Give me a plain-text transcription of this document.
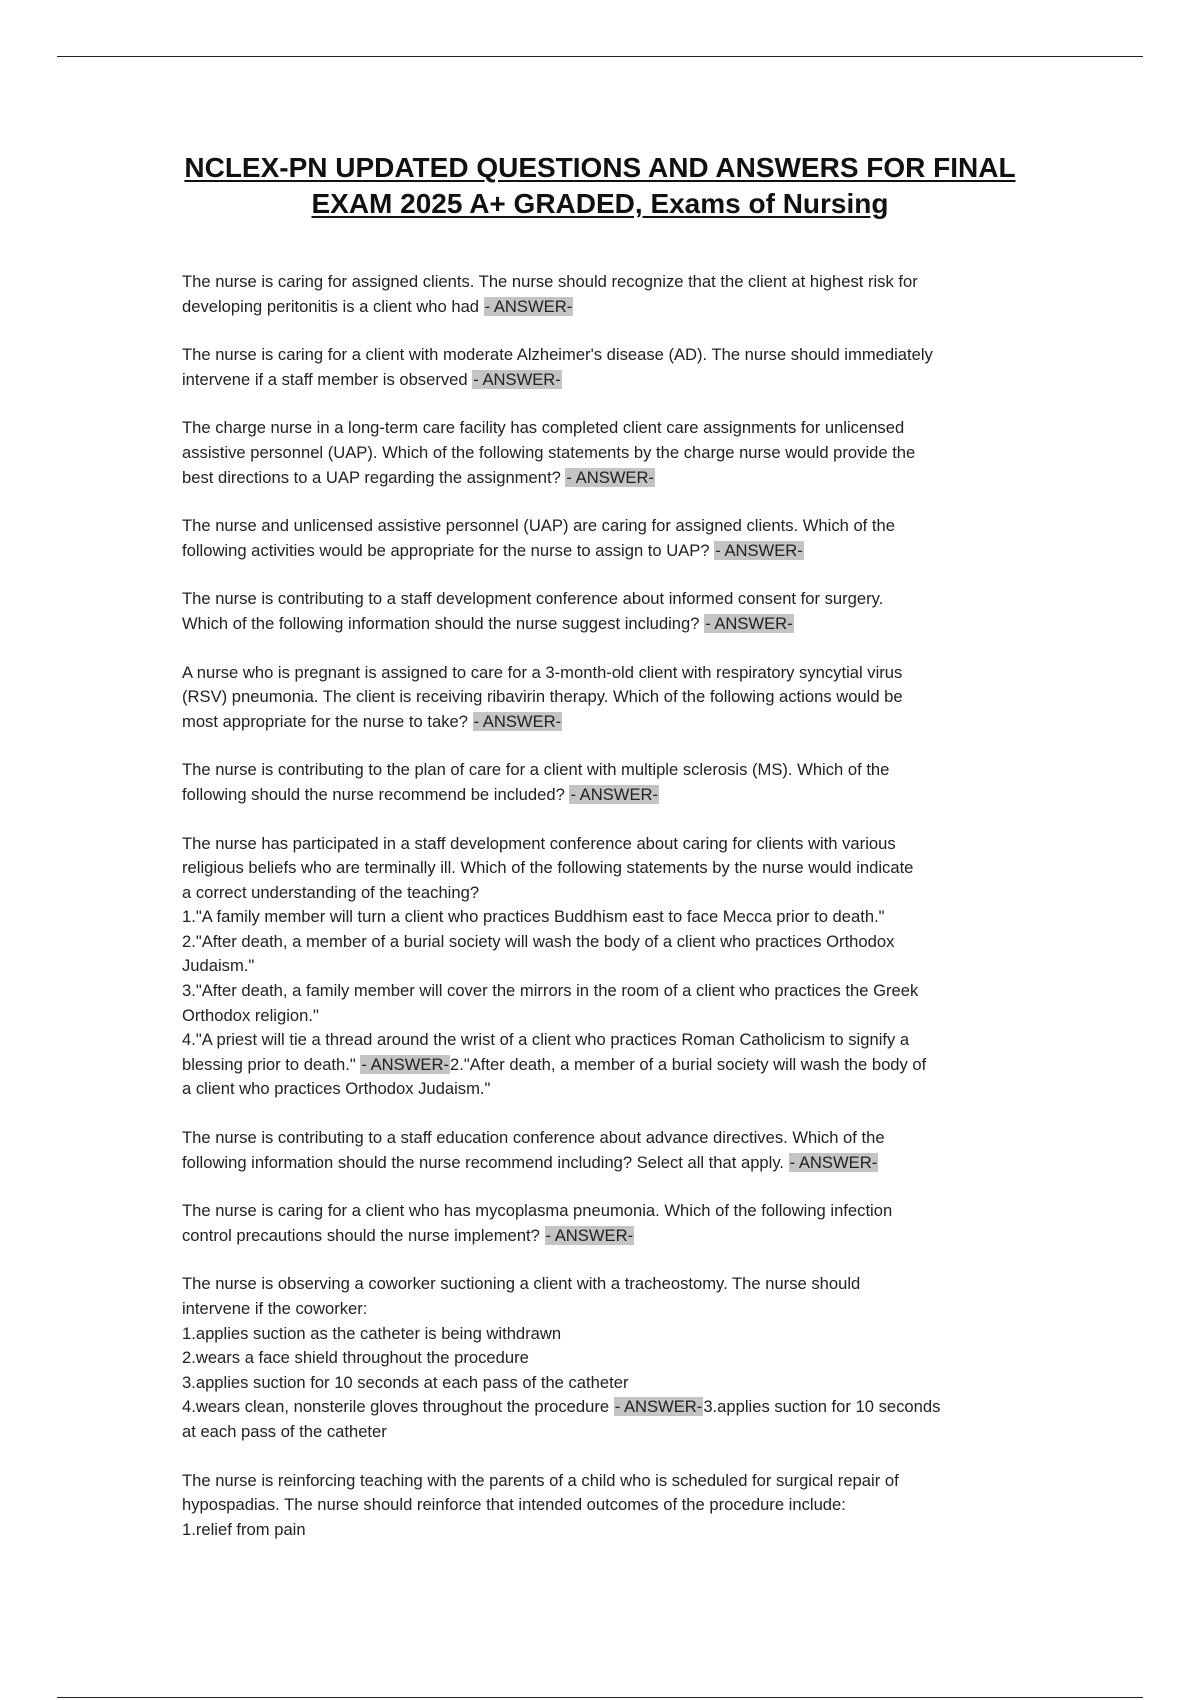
NCLEX-PN UPDATED QUESTIONS AND ANSWERS FOR FINAL
EXAM 2025 A+ GRADED, Exams of Nursing
The nurse is caring for assigned clients. The nurse should recognize that the client at highest risk for
developing peritonitis is a client who had - ANSWER-
The nurse is caring for a client with moderate Alzheimer's disease (AD). The nurse should immediately
intervene if a staff member is observed - ANSWER-
The charge nurse in a long-term care facility has completed client care assignments for unlicensed
assistive personnel (UAP). Which of the following statements by the charge nurse would provide the
best directions to a UAP regarding the assignment? - ANSWER-
The nurse and unlicensed assistive personnel (UAP) are caring for assigned clients. Which of the
following activities would be appropriate for the nurse to assign to UAP? - ANSWER-
The nurse is contributing to a staff development conference about informed consent for surgery.
Which of the following information should the nurse suggest including? - ANSWER-
A nurse who is pregnant is assigned to care for a 3-month-old client with respiratory syncytial virus
(RSV) pneumonia. The client is receiving ribavirin therapy. Which of the following actions would be
most appropriate for the nurse to take? - ANSWER-
The nurse is contributing to the plan of care for a client with multiple sclerosis (MS). Which of the
following should the nurse recommend be included? - ANSWER-
The nurse has participated in a staff development conference about caring for clients with various
religious beliefs who are terminally ill. Which of the following statements by the nurse would indicate
a correct understanding of the teaching?
1."A family member will turn a client who practices Buddhism east to face Mecca prior to death."
2."After death, a member of a burial society will wash the body of a client who practices Orthodox
Judaism."
3."After death, a family member will cover the mirrors in the room of a client who practices the Greek
Orthodox religion."
4."A priest will tie a thread around the wrist of a client who practices Roman Catholicism to signify a
blessing prior to death." - ANSWER-2."After death, a member of a burial society will wash the body of
a client who practices Orthodox Judaism."
The nurse is contributing to a staff education conference about advance directives. Which of the
following information should the nurse recommend including? Select all that apply. - ANSWER-
The nurse is caring for a client who has mycoplasma pneumonia. Which of the following infection
control precautions should the nurse implement? - ANSWER-
The nurse is observing a coworker suctioning a client with a tracheostomy. The nurse should
intervene if the coworker:
1.applies suction as the catheter is being withdrawn
2.wears a face shield throughout the procedure
3.applies suction for 10 seconds at each pass of the catheter
4.wears clean, nonsterile gloves throughout the procedure - ANSWER-3.applies suction for 10 seconds
at each pass of the catheter
The nurse is reinforcing teaching with the parents of a child who is scheduled for surgical repair of
hypospadias. The nurse should reinforce that intended outcomes of the procedure include:
1.relief from pain
